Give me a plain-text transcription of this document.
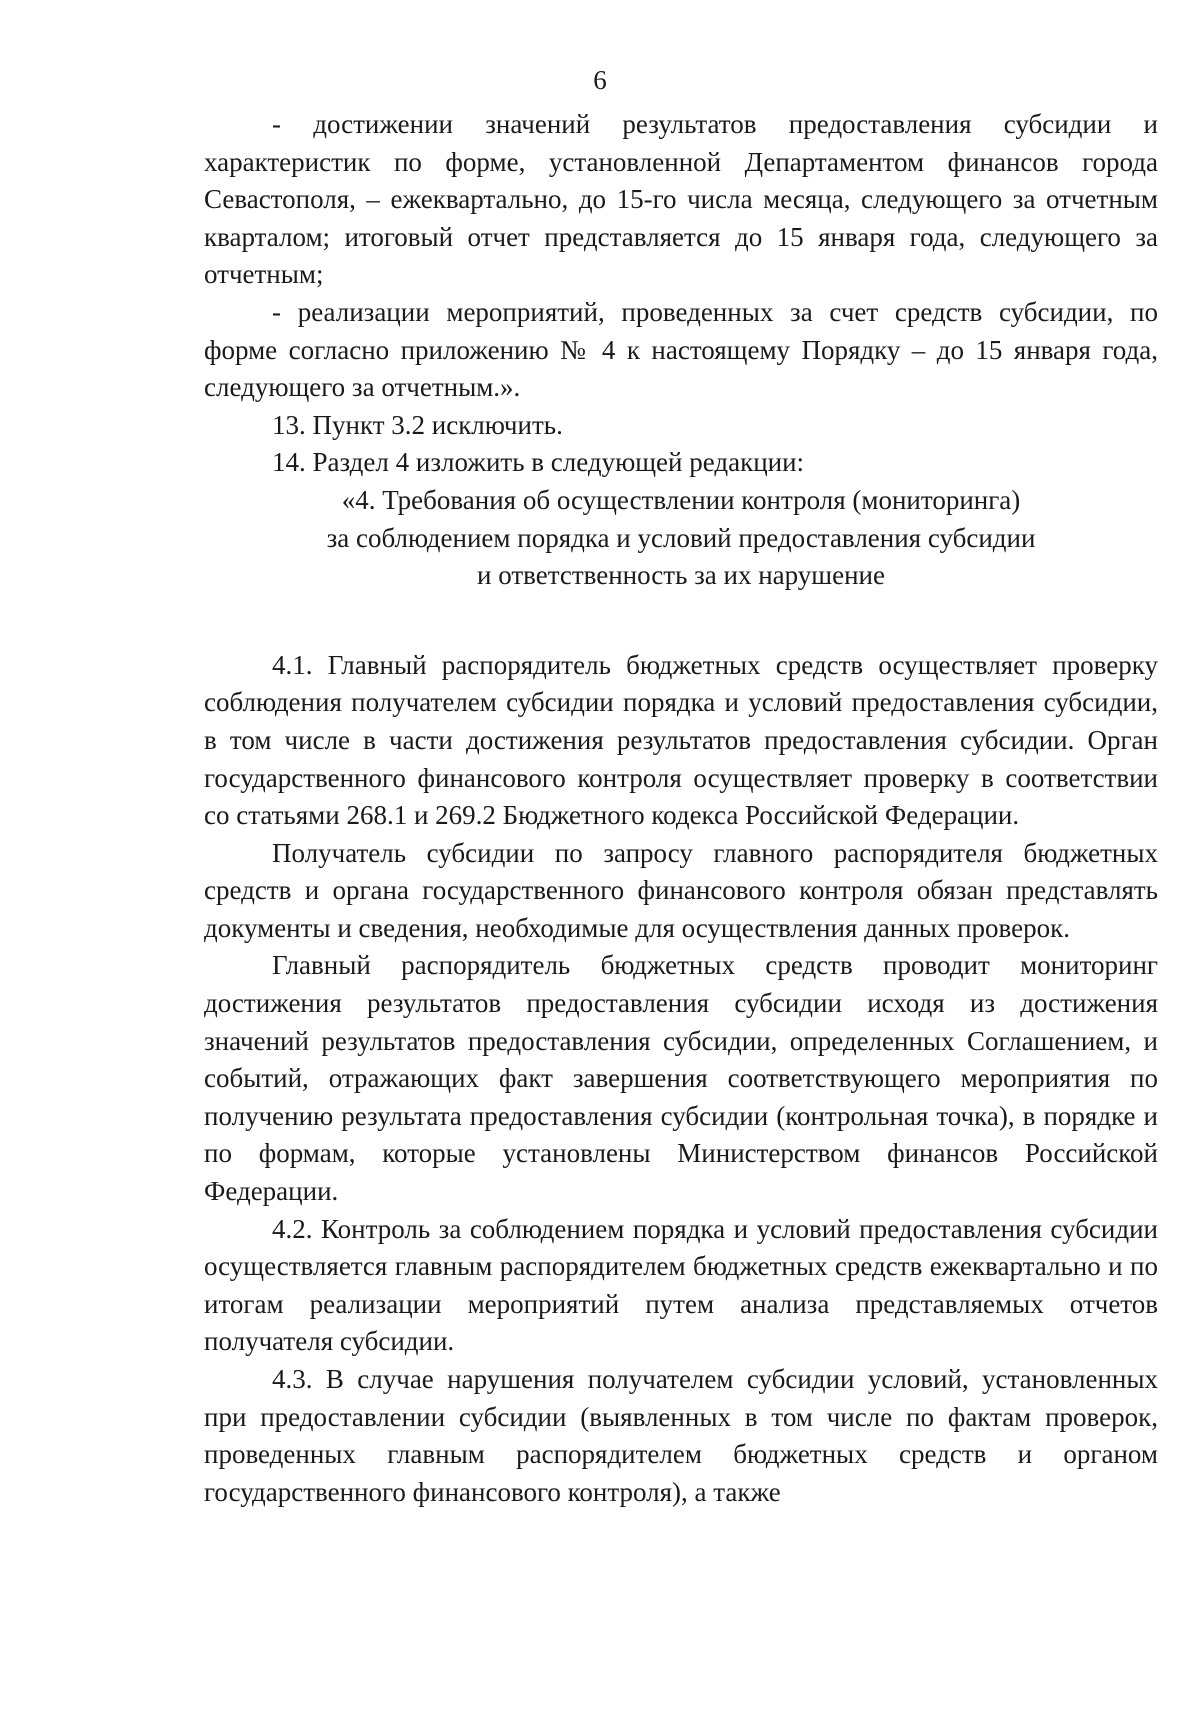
6

- достижении значений результатов предоставления субсидии и характеристик по форме, установленной Департаментом финансов города Севастополя, – ежеквартально, до 15-го числа месяца, следующего за отчетным кварталом; итоговый отчет представляется до 15 января года, следующего за отчетным;

- реализации мероприятий, проведенных за счет средств субсидии, по форме согласно приложению № 4 к настоящему Порядку – до 15 января года, следующего за отчетным.».

13. Пункт 3.2 исключить.

14. Раздел 4 изложить в следующей редакции:

«4. Требования об осуществлении контроля (мониторинга)
за соблюдением порядка и условий предоставления субсидии
и ответственность за их нарушение

4.1. Главный распорядитель бюджетных средств осуществляет проверку соблюдения получателем субсидии порядка и условий предоставления субсидии, в том числе в части достижения результатов предоставления субсидии. Орган государственного финансового контроля осуществляет проверку в соответствии со статьями 268.1 и 269.2 Бюджетного кодекса Российской Федерации.

Получатель субсидии по запросу главного распорядителя бюджетных средств и органа государственного финансового контроля обязан представлять документы и сведения, необходимые для осуществления данных проверок.

Главный распорядитель бюджетных средств проводит мониторинг достижения результатов предоставления субсидии исходя из достижения значений результатов предоставления субсидии, определенных Соглашением, и событий, отражающих факт завершения соответствующего мероприятия по получению результата предоставления субсидии (контрольная точка), в порядке и по формам, которые установлены Министерством финансов Российской Федерации.

4.2. Контроль за соблюдением порядка и условий предоставления субсидии осуществляется главным распорядителем бюджетных средств ежеквартально и по итогам реализации мероприятий путем анализа представляемых отчетов получателя субсидии.

4.3. В случае нарушения получателем субсидии условий, установленных при предоставлении субсидии (выявленных в том числе по фактам проверок, проведенных главным распорядителем бюджетных средств и органом государственного финансового контроля), а также
